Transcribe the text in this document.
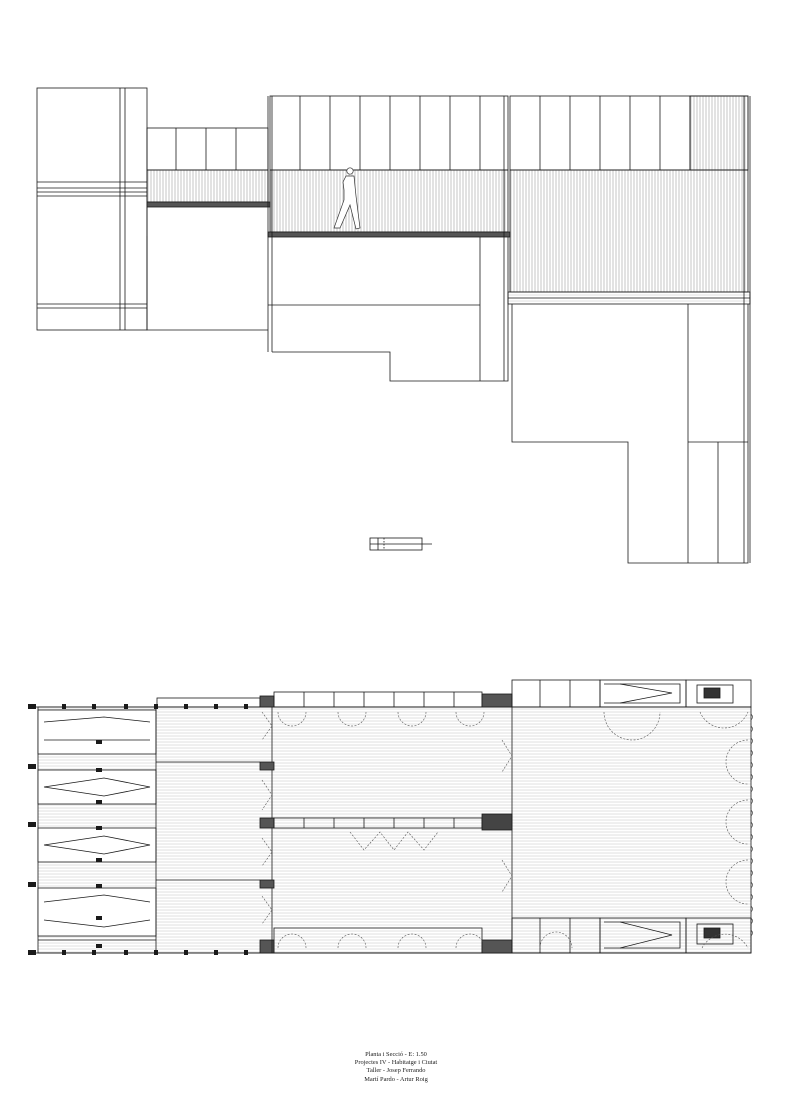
Planta i Secció - E: 1.50
Projectes IV - Habitatge i Ciutat
Taller - Josep Ferrando
Martí Pardo - Artur Roig
